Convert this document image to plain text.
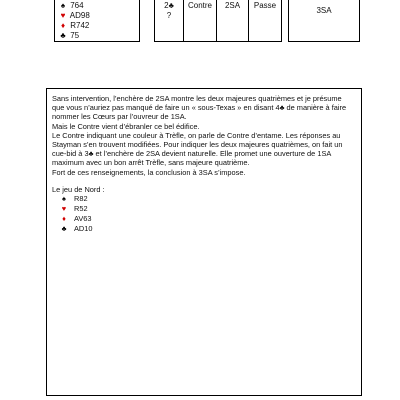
♠ 764
♥ AD98
♦ R742
♣ 75
2♣
?
Contre	2SA	Passe
3SA

Sans intervention, l’enchère de 2SA montre les deux majeures quatrièmes et je présume que vous n’auriez pas manqué de faire un « sous-Texas » en disant 4♣ de manière à faire nommer les Cœurs par l’ouvreur de 1SA.

Mais le Contre vient d’ébranler ce bel édifice.

Le Contre indiquant une couleur à Trèfle, on parle de Contre d’entame. Les réponses au Stayman s’en trouvent modifiées. Pour indiquer les deux majeures quatrièmes, on fait un cue-bid à 3♣ et l’enchère de 2SA devient naturelle. Elle promet une ouverture de 1SA maximum avec un bon arrêt Trèfle, sans majeure quatrième.

Fort de ces renseignements, la conclusion à 3SA s’impose.

Le jeu de Nord :

♠ R82
♥ R52
♦ AV63
♣ AD10
